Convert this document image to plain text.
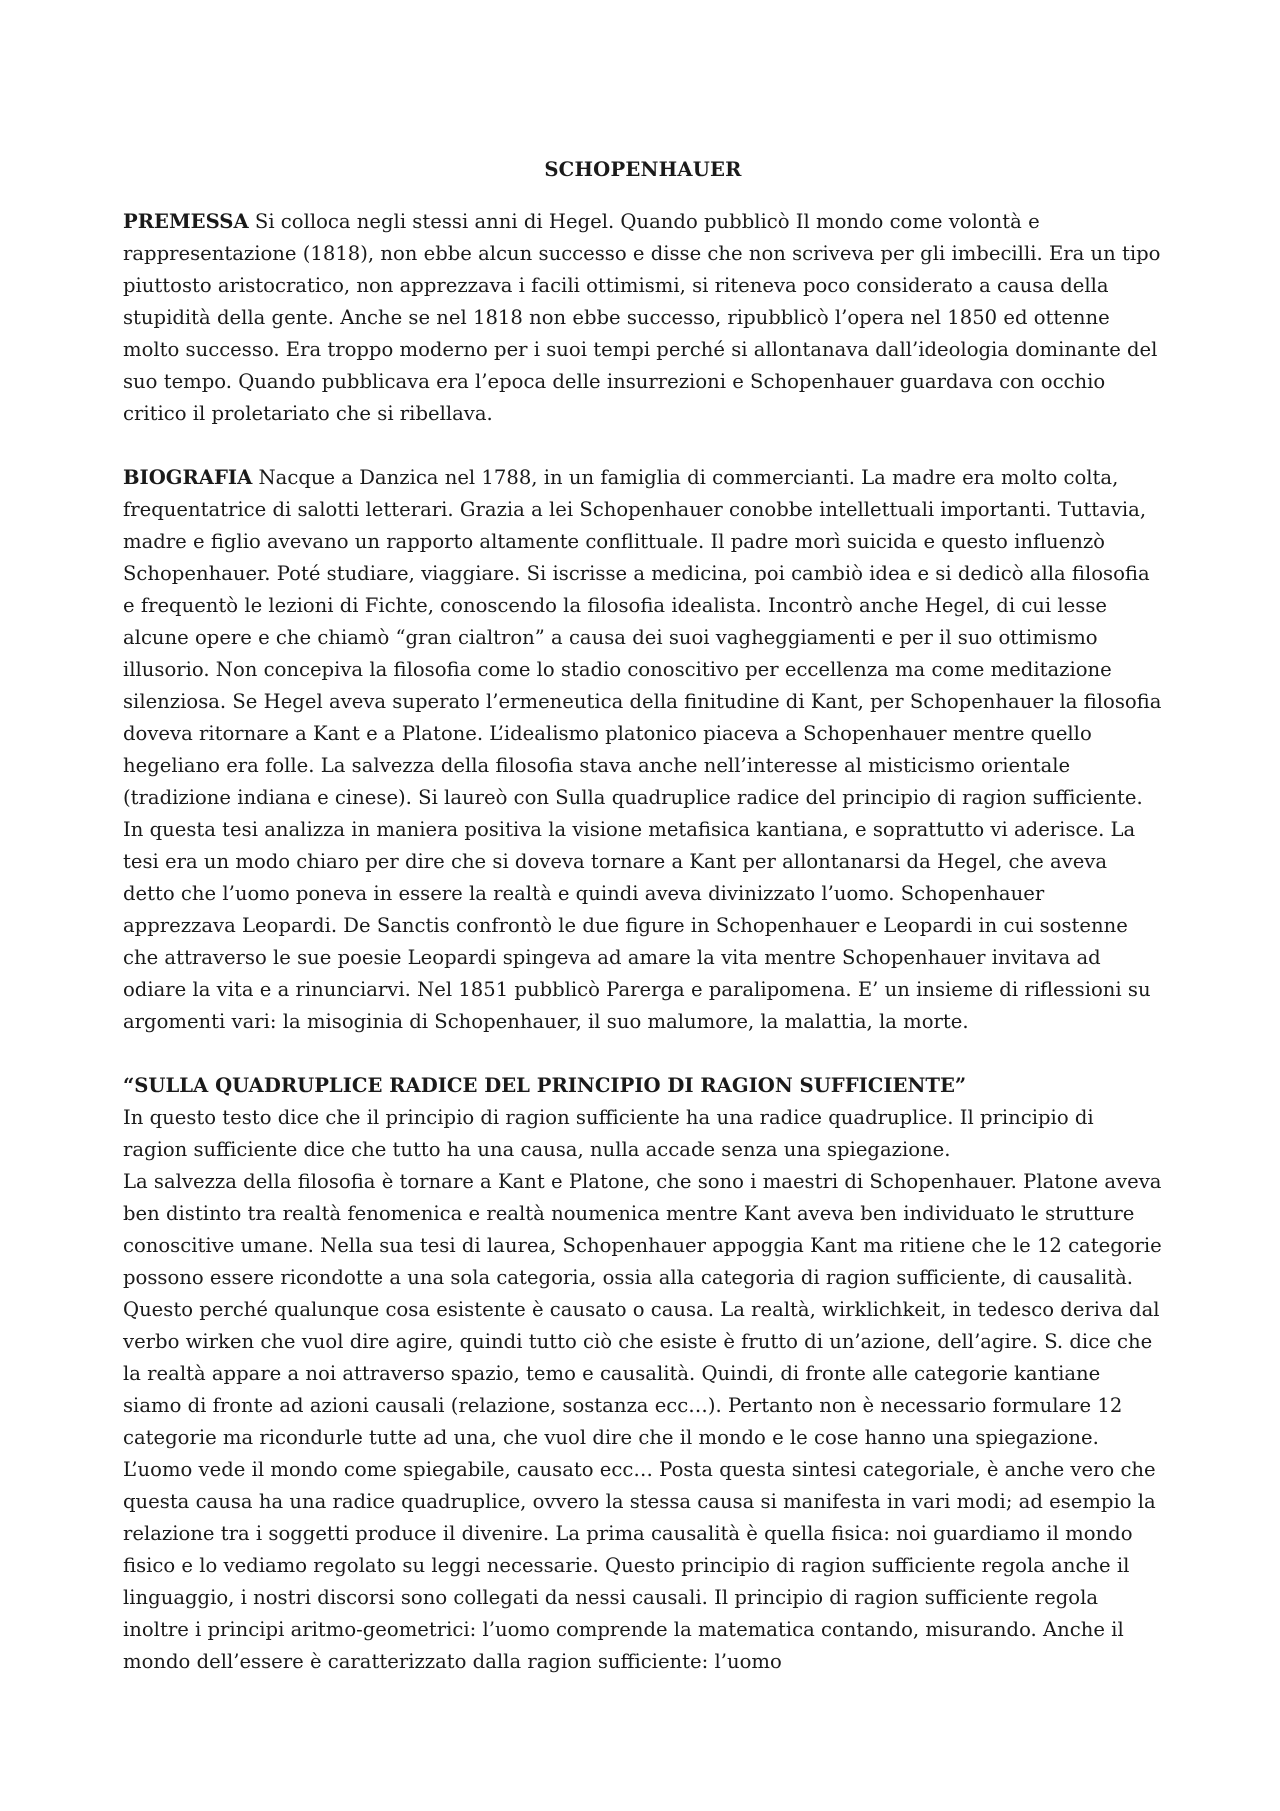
SCHOPENHAUER

PREMESSA Si colloca negli stessi anni di Hegel. Quando pubblicò Il mondo come volontà e rappresentazione (1818), non ebbe alcun successo e disse che non scriveva per gli imbecilli. Era un tipo piuttosto aristocratico, non apprezzava i facili ottimismi, si riteneva poco considerato a causa della stupidità della gente. Anche se nel 1818 non ebbe successo, ripubblicò l’opera nel 1850 ed ottenne molto successo. Era troppo moderno per i suoi tempi perché si allontanava dall’ideologia dominante del suo tempo. Quando pubblicava era l’epoca delle insurrezioni e Schopenhauer guardava con occhio critico il proletariato che si ribellava.

BIOGRAFIA Nacque a Danzica nel 1788, in un famiglia di commercianti. La madre era molto colta, frequentatrice di salotti letterari. Grazia a lei Schopenhauer conobbe intellettuali importanti. Tuttavia, madre e figlio avevano un rapporto altamente conflittuale. Il padre morì suicida e questo influenzò Schopenhauer. Poté studiare, viaggiare. Si iscrisse a medicina, poi cambiò idea e si dedicò alla filosofia e frequentò le lezioni di Fichte, conoscendo la filosofia idealista. Incontrò anche Hegel, di cui lesse alcune opere e che chiamò “gran cialtron” a causa dei suoi vagheggiamenti e per il suo ottimismo illusorio. Non concepiva la filosofia come lo stadio conoscitivo per eccellenza ma come meditazione silenziosa. Se Hegel aveva superato l’ermeneutica della finitudine di Kant, per Schopenhauer la filosofia doveva ritornare a Kant e a Platone. L’idealismo platonico piaceva a Schopenhauer mentre quello hegeliano era folle. La salvezza della filosofia stava anche nell’interesse al misticismo orientale (tradizione indiana e cinese). Si laureò con Sulla quadruplice radice del principio di ragion sufficiente. In questa tesi analizza in maniera positiva la visione metafisica kantiana, e soprattutto vi aderisce. La tesi era un modo chiaro per dire che si doveva tornare a Kant per allontanarsi da Hegel, che aveva detto che l’uomo poneva in essere la realtà e quindi aveva divinizzato l’uomo. Schopenhauer apprezzava Leopardi. De Sanctis confrontò le due figure in Schopenhauer e Leopardi in cui sostenne che attraverso le sue poesie Leopardi spingeva ad amare la vita mentre Schopenhauer invitava ad odiare la vita e a rinunciarvi. Nel 1851 pubblicò Parerga e paralipomena. E’ un insieme di riflessioni su argomenti vari: la misoginia di Schopenhauer, il suo malumore, la malattia, la morte.

“SULLA QUADRUPLICE RADICE DEL PRINCIPIO DI RAGION SUFFICIENTE”

In questo testo dice che il principio di ragion sufficiente ha una radice quadruplice. Il principio di ragion sufficiente dice che tutto ha una causa, nulla accade senza una spiegazione.

La salvezza della filosofia è tornare a Kant e Platone, che sono i maestri di Schopenhauer. Platone aveva ben distinto tra realtà fenomenica e realtà noumenica mentre Kant aveva ben individuato le strutture conoscitive umane. Nella sua tesi di laurea, Schopenhauer appoggia Kant ma ritiene che le 12 categorie possono essere ricondotte a una sola categoria, ossia alla categoria di ragion sufficiente, di causalità. Questo perché qualunque cosa esistente è causato o causa. La realtà, wirklichkeit, in tedesco deriva dal verbo wirken che vuol dire agire, quindi tutto ciò che esiste è frutto di un’azione, dell’agire. S. dice che la realtà appare a noi attraverso spazio, temo e causalità. Quindi, di fronte alle categorie kantiane siamo di fronte ad azioni causali (relazione, sostanza ecc…). Pertanto non è necessario formulare 12 categorie ma ricondurle tutte ad una, che vuol dire che il mondo e le cose hanno una spiegazione. L’uomo vede il mondo come spiegabile, causato ecc… Posta questa sintesi categoriale, è anche vero che questa causa ha una radice quadruplice, ovvero la stessa causa si manifesta in vari modi; ad esempio la relazione tra i soggetti produce il divenire. La prima causalità è quella fisica: noi guardiamo il mondo fisico e lo vediamo regolato su leggi necessarie. Questo principio di ragion sufficiente regola anche il linguaggio, i nostri discorsi sono collegati da nessi causali. Il principio di ragion sufficiente regola inoltre i principi aritmo-geometrici: l’uomo comprende la matematica contando, misurando. Anche il mondo dell’essere è caratterizzato dalla ragion sufficiente: l’uomo
